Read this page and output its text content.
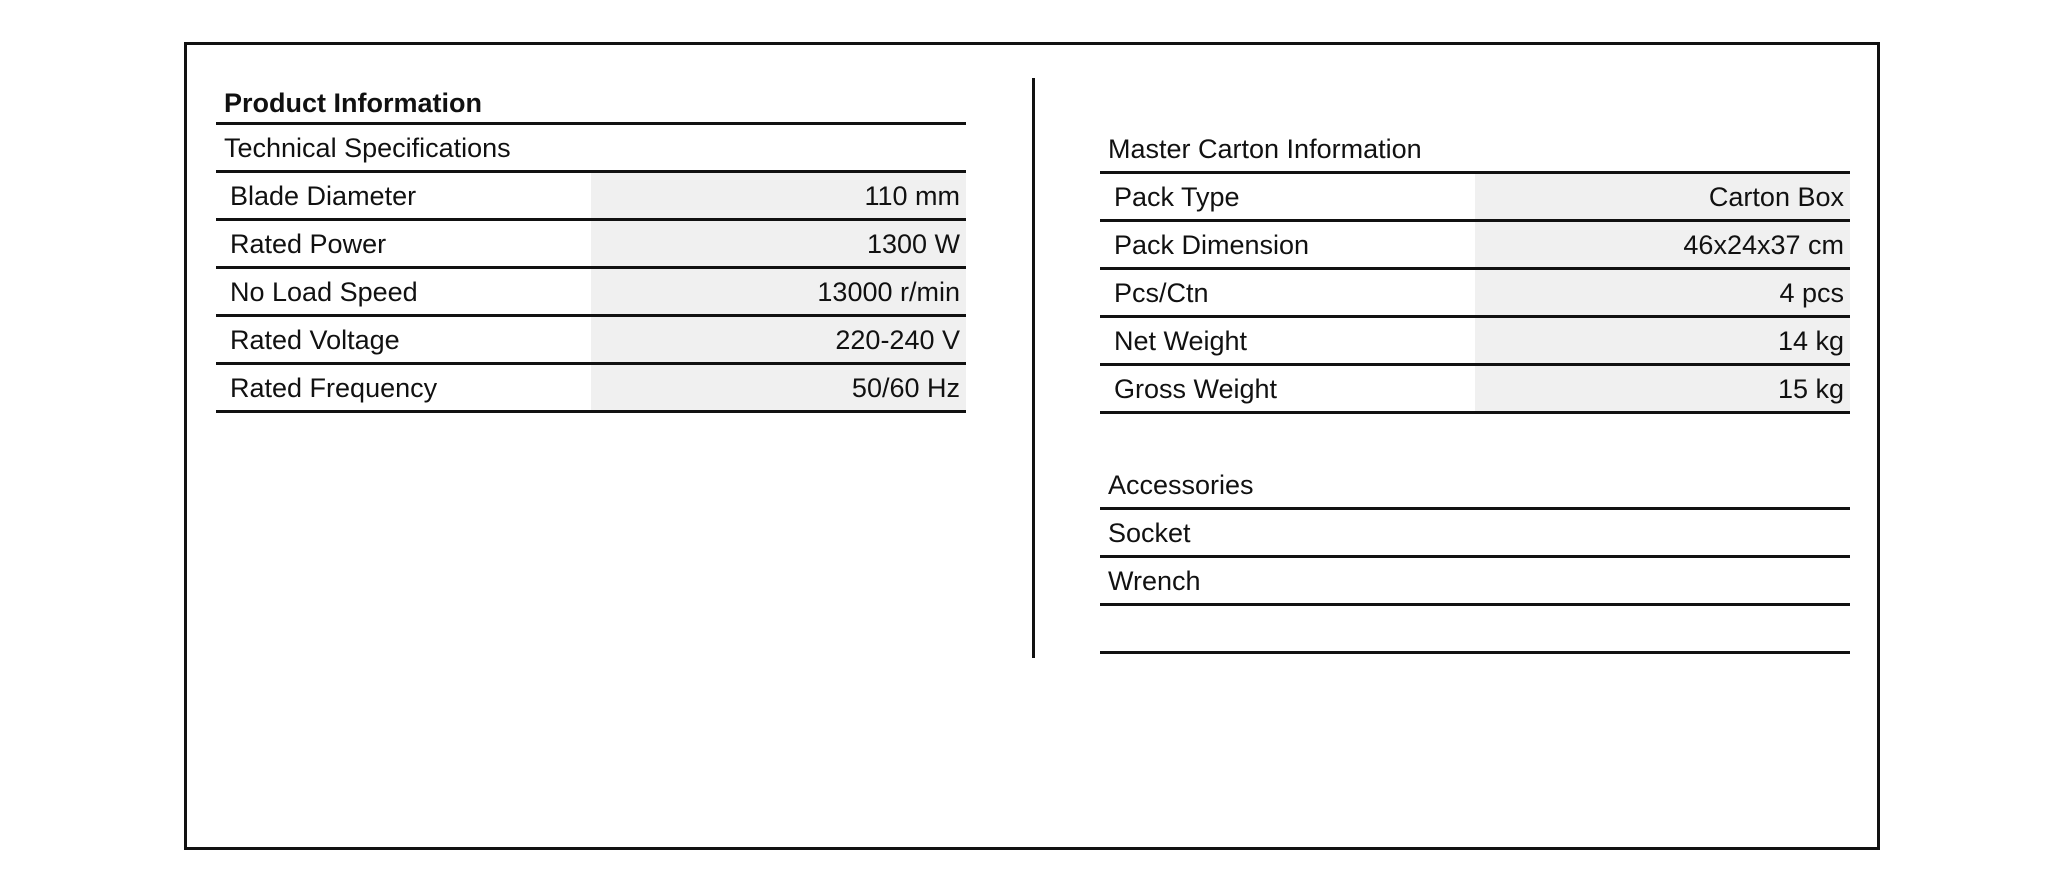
Product Information
Technical Specifications
Blade Diameter	110 mm
Rated Power	1300 W
No Load Speed	13000 r/min
Rated Voltage	220-240 V
Rated Frequency	50/60 Hz
Master Carton Information
Pack Type	Carton Box
Pack Dimension	46x24x37 cm
Pcs/Ctn	4 pcs
Net Weight	14 kg
Gross Weight	15 kg
Accessories
Socket
Wrench
